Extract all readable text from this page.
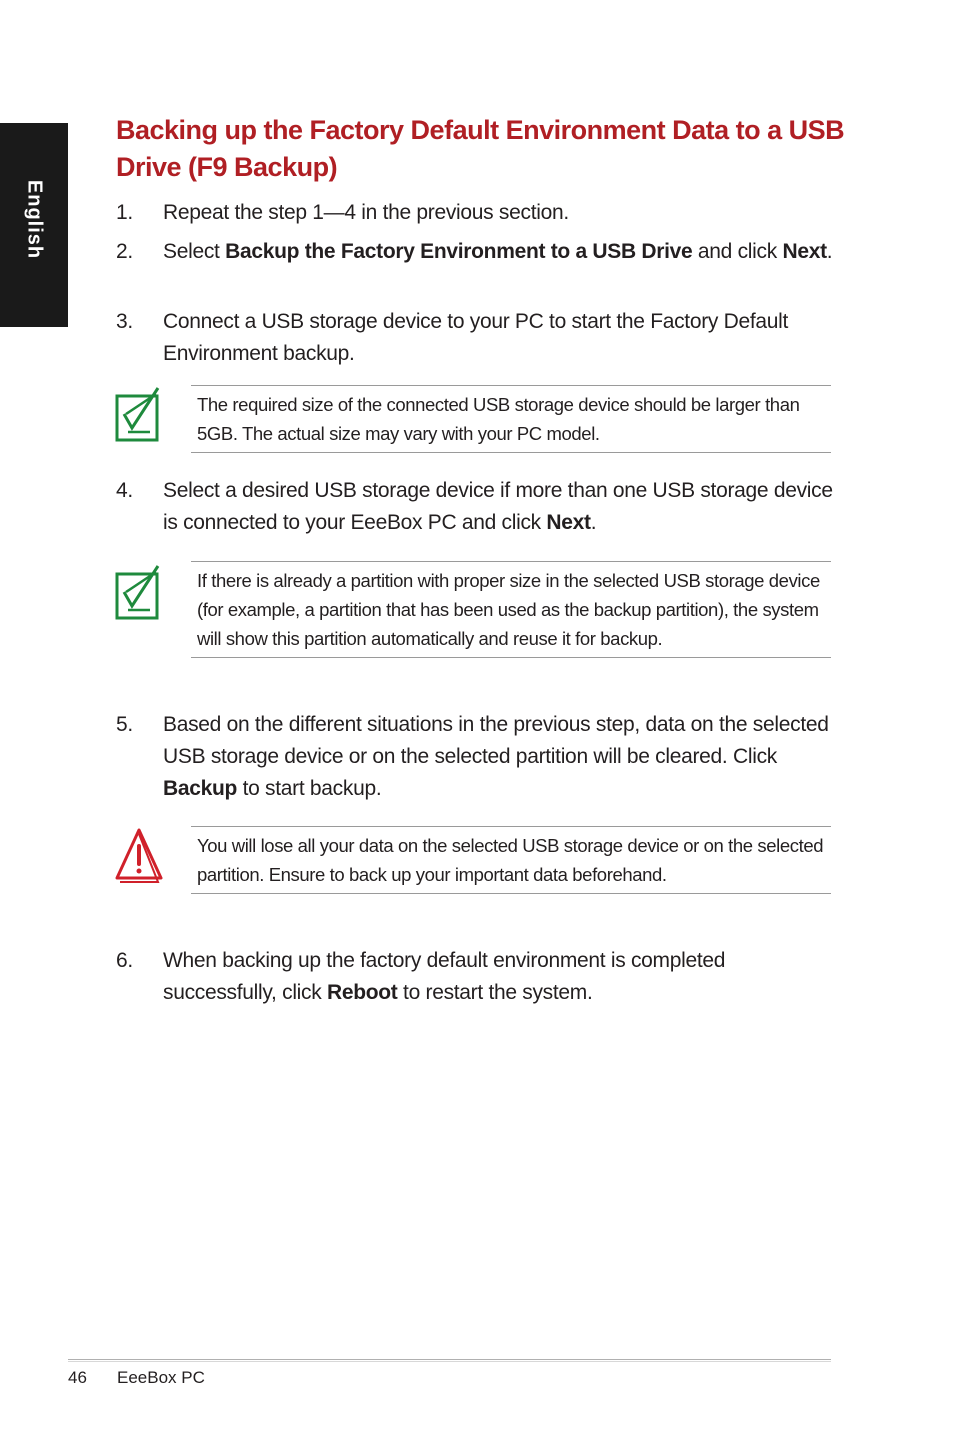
English
Backing up the Factory Default Environment Data to a USB Drive (F9 Backup)
1. Repeat the step 1—4 in the previous section.
2. Select Backup the Factory Environment to a USB Drive and click Next.
3. Connect a USB storage device to your PC to start the Factory Default Environment backup.
The required size of the connected USB storage device should be larger than 5GB. The actual size may vary with your PC model.
4. Select a desired USB storage device if more than one USB storage device is connected to your EeeBox PC and click Next.
If there is already a partition with proper size in the selected USB storage device (for example, a partition that has been used as the backup partition), the system will show this partition automatically and reuse it for backup.
5. Based on the different situations in the previous step, data on the selected USB storage device or on the selected partition will be cleared. Click Backup to start backup.
You will lose all your data on the selected USB storage device or on the selected partition. Ensure to back up your important data beforehand.
6. When backing up the factory default environment is completed successfully, click Reboot to restart the system.
46 EeeBox PC
